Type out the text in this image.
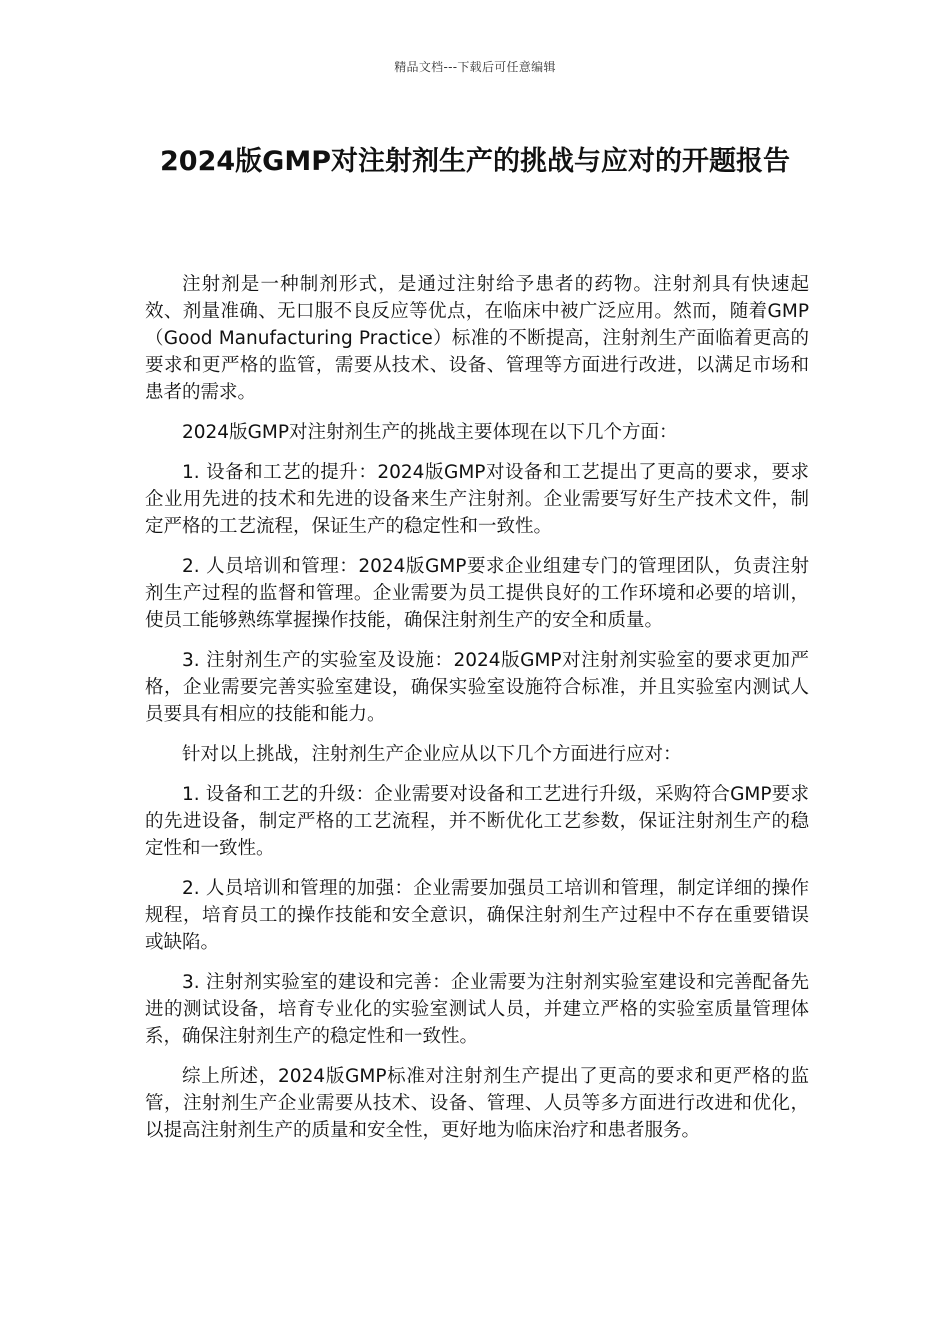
精品文档---下载后可任意编辑
2024版GMP对注射剂生产的挑战与应对的开题报告

注射剂是一种制剂形式，是通过注射给予患者的药物。注射剂具有快速起效、剂量准确、无口服不良反应等优点，在临床中被广泛应用。然而，随着GMP（Good Manufacturing Practice）标准的不断提高，注射剂生产面临着更高的要求和更严格的监管，需要从技术、设备、管理等方面进行改进，以满足市场和患者的需求。

2024版GMP对注射剂生产的挑战主要体现在以下几个方面：

1. 设备和工艺的提升：2024版GMP对设备和工艺提出了更高的要求，要求企业用先进的技术和先进的设备来生产注射剂。企业需要写好生产技术文件，制定严格的工艺流程，保证生产的稳定性和一致性。

2. 人员培训和管理：2024版GMP要求企业组建专门的管理团队，负责注射剂生产过程的监督和管理。企业需要为员工提供良好的工作环境和必要的培训，使员工能够熟练掌握操作技能，确保注射剂生产的安全和质量。

3. 注射剂生产的实验室及设施：2024版GMP对注射剂实验室的要求更加严格，企业需要完善实验室建设，确保实验室设施符合标准，并且实验室内测试人员要具有相应的技能和能力。

针对以上挑战，注射剂生产企业应从以下几个方面进行应对：

1. 设备和工艺的升级：企业需要对设备和工艺进行升级，采购符合GMP要求的先进设备，制定严格的工艺流程，并不断优化工艺参数，保证注射剂生产的稳定性和一致性。

2. 人员培训和管理的加强：企业需要加强员工培训和管理，制定详细的操作规程，培育员工的操作技能和安全意识，确保注射剂生产过程中不存在重要错误或缺陷。

3. 注射剂实验室的建设和完善：企业需要为注射剂实验室建设和完善配备先进的测试设备，培育专业化的实验室测试人员，并建立严格的实验室质量管理体系，确保注射剂生产的稳定性和一致性。

综上所述，2024版GMP标准对注射剂生产提出了更高的要求和更严格的监管，注射剂生产企业需要从技术、设备、管理、人员等多方面进行改进和优化，以提高注射剂生产的质量和安全性，更好地为临床治疗和患者服务。
